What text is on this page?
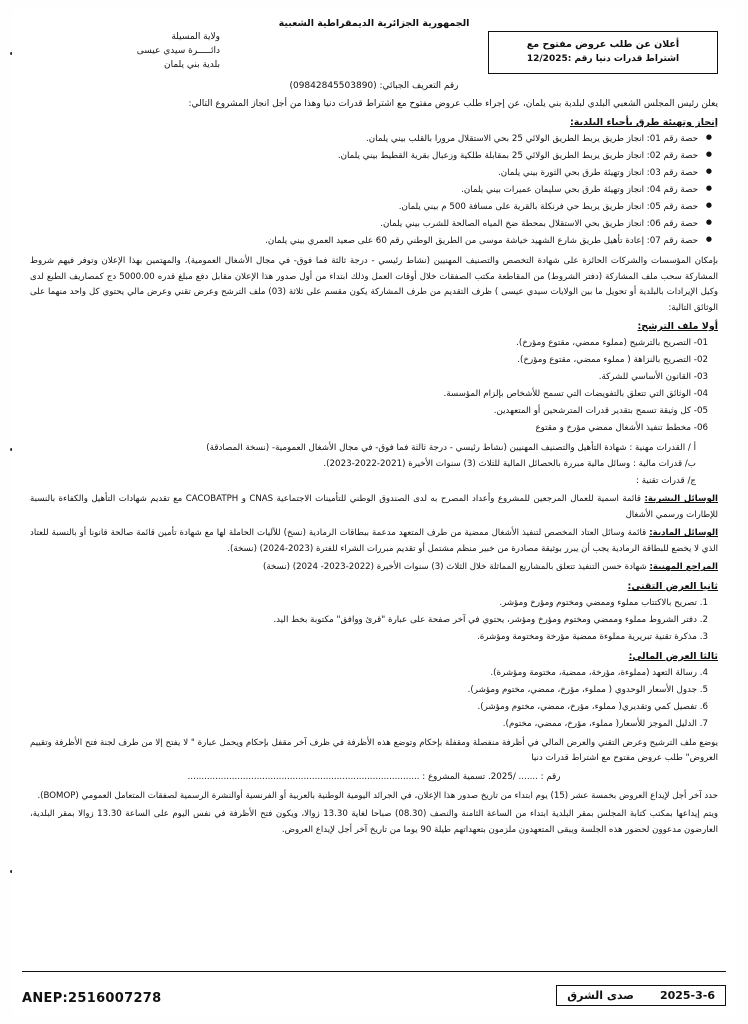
الجمهورية الجزائرية الديمقراطية الشعبية
أعلان عن طلب عروض مفتوح مع
اشتراط قدرات دنيا رقم :12/2025
ولاية المسيلة
دائـــــرة سيدي عيسى
بلدية بني يلمان
رقم التعريف الجبائي: (09842845503890)
يعلن رئيس المجلس الشعبي البلدي لبلدية بني يلمان، عن إجراء طلب عروض مفتوح مع اشتراط قدرات دنيا وهذا من أجل انجاز المشروع التالي:
إنجاز وتهيئة طرق بأحياء البلدية:
● حصة رقم 01: انجاز طريق يربط الطريق الولائي 25 بحي الاستقلال مرورا بالقلب بيني يلمان.
● حصة رقم 02: انجاز طريق يربط الطريق الولائي 25 بمقابلة طلكية وزعبال بقرية القطيط بيني يلمان.
● حصة رقم 03: انجاز وتهيئة طرق بحي الثورة بيني يلمان.
● حصة رقم 04: انجاز وتهيئة طرق بحي سليمان عميرات بيني يلمان.
● حصة رقم 05: انجاز طريق يربط حي فرنكلة بالقرية على مسافة 500 م بيني يلمان.
● حصة رقم 06: انجاز طريق بحي الاستقلال بمحطة ضخ المياه الصالحة للشرب بيني يلمان.
● حصة رقم 07: إعادة تأهيل طريق شارع الشهيد خياشة موسى من الطريق الوطني رقم 60 على صعيد العمري بيني يلمان.
بإمكان المؤسسات والشركات الحائزة على شهادة التخصص والتصنيف المهنيين (نشاط رئيسي - درجة ثالثة فما فوق- في مجال الأشغال العمومية)، والمهتمين بهذا الإعلان وتوفر فيهم شروط المشاركة سحب ملف المشاركة (دفتر الشروط) من المقاطعة مكتب الصفقات خلال أوقات العمل وذلك ابتداء من أول صدور هذا الإعلان مقابل دفع مبلغ قدره 5000.00 دج كمصاريف الطبع لدى وكيل الإيرادات بالبلدية أو تحويل ما بين الولايات سيدي عيسى ) ظرف التقديم من طرف المشاركة يكون مقسم على ثلاثة (03) ملف الترشح وعرض تقني وعرض مالي يحتوي كل واحد منهما على الوثائق التالية:
أولا ملف الترشح:
01- التصريح بالترشيح (مملوء ممضي، مقتوع ومؤرخ).
02- التصريح بالنزاهة ( مملوء ممضي، مقتوع ومؤرخ).
03- القانون الأساسي للشركة.
04- الوثائق التي تتعلق بالتفويضات التي تسمح للأشخاص بإلزام المؤسسة.
05- كل وثيقة تسمح بتقدير قدرات المترشحين أو المتعهدين.
06- مخطط تنفيذ الأشغال ممضي مؤرخ و مقتوع
أ / القدرات مهنية : شهادة التأهيل والتصنيف المهنيين (نشاط رئيسي - درجة ثالثة فما فوق- في مجال الأشغال العمومية- (نسخة المصادقة)
ب/ قدرات مالية : وسائل مالية مبررة بالحصائل المالية للثلاث (3) سنوات الأخيرة (2021-2022-2023).
ج/ قدرات تقنية :
الوسائل البشرية: قائمة اسمية للعمال المرجعين للمشروع وأعداد المصرح به لدى الصندوق الوطني للتأمينات الاجتماعية CNAS و CACOBATPH مع تقديم شهادات التأهيل والكفاءة بالنسبة للإطارات ورسمي الأشغال
الوسائل المادية: قائمة وسائل العتاد المخصص لتنفيذ الأشغال ممضية من طرف المتعهد مدعمة ببطاقات الرمادية (نسخ) للآليات الحاملة لها مع شهادة تأمين قائمة صالحة قانونا أو بالنسبة للعتاد الذي لا يخضع للبطاقة الرمادية يجب أن يبرر بوثيقة مصادرة من خبير منظم مشتمل أو تقديم مبررات الشراء للفترة (2023-2024) (نسخة).
المراجع المهنية: شهادة حسن التنفيذ تتعلق بالمشاريع المماثلة خلال الثلاث (3) سنوات الأخيرة (2022-2023- 2024) (نسخة)
ثانيا العرض التقني:
1. تصريح بالاكتتاب مملوء وممضي ومختوم ومؤرخ ومؤشر.
2. دفتر الشروط مملوء وممضي ومختوم ومؤرخ ومؤشر، يحتوي في آخر صفحة على عبارة "قرئ ووافق" مكتوبة بخط اليد.
3. مذكرة تقنية تبريرية مملوءة ممضية مؤرخة ومختومة ومؤشرة.
ثالثا العرض المالي:
4. رسالة التعهد (مملوءة، مؤرخة، ممضية، مختومة ومؤشرة).
5. جدول الأسعار الوحدوي ( مملوء، مؤرخ، ممضي، مختوم ومؤشر).
6. تفصيل كمي وتقديري( مملوء، مؤرخ، ممضي، مختوم ومؤشر).
7. الدليل الموجز للأسعار( مملوء، مؤرخ، ممضي، مختوم).
يوضع ملف الترشيح وعرض التقني والعرض المالي في أظرفة منفصلة ومقفلة بإحكام وتوضع هذه الأظرفة في ظرف آخر مقفل بإحكام ويحمل عبارة " لا يفتح إلا من طرف لجنة فتح الأظرفة وتقييم العروض" طلب عروض مفتوح مع اشتراط قدرات دنيا
رقم : ....... /2025. تسمية المشروع : ....................................................................................
حدد آخر أجل لإيداع العروض بخمسة عشر (15) يوم ابتداء من تاريخ صدور هذا الإعلان، في الجرائد اليومية الوطنية بالعربية أو الفرنسية أوالنشرة الرسمية لصفقات المتعامل العمومي (BOMOP).
ويتم إيداعها بمكتب كتابة المجلس بمقر البلدية ابتداء من الساعة الثامنة والنصف (08.30) صباحا لغاية 13.30 زوالا، ويكون فتح الأظرفة في نفس اليوم على الساعة 13.30 زوالا بمقر البلدية، العارضون مدعوون لحضور هذه الجلسة ويبقى المتعهدون ملزمون بتعهداتهم طيلة 90 يوما من تاريخ آخر أجل لإيداع العروض.
2025-3-6
صدى الشرق
ANEP:2516007278
